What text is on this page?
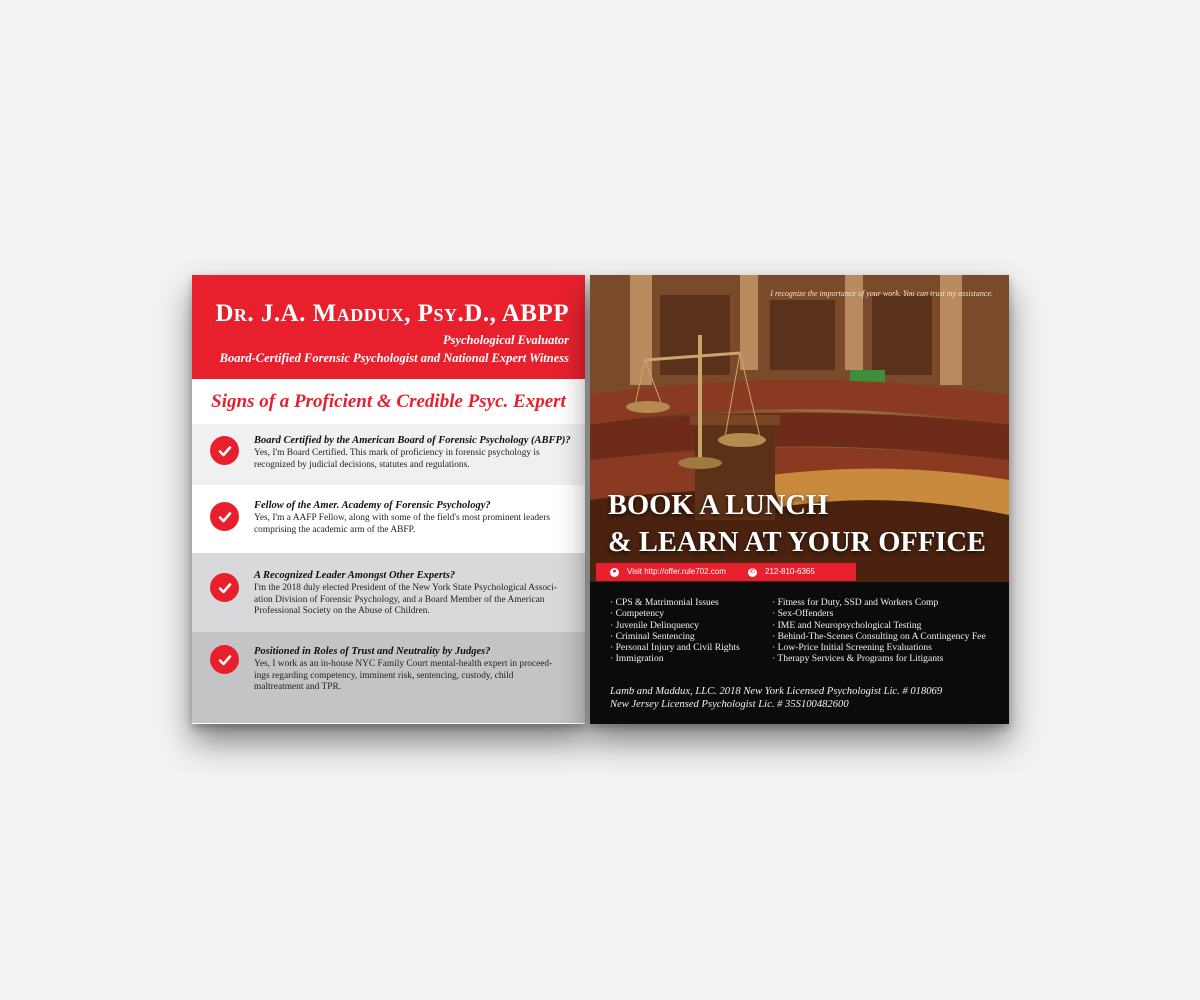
Dr. J.A. Maddux, Psy.D., ABPP
Psychological Evaluator
Board-Certified Forensic Psychologist and National Expert Witness
Signs of a Proficient & Credible Psyc. Expert
Board Certified by the American Board of Forensic Psychology (ABFP)?
Yes, I'm Board Certified. This mark of proficiency in forensic psychology is
recognized by judicial decisions, statutes and regulations.
Fellow of the Amer. Academy of Forensic Psychology?
Yes, I'm a AAFP Fellow, along with some of the field's most prominent leaders
comprising the academic arm of the ABFP.
A Recognized Leader Amongst Other Experts?
I'm the 2018 duly elected President of the New York State Psychological Associ-
ation Division of Forensic Psychology, and a Board Member of the American
Professional Society on the Abuse of Children.
Positioned in Roles of Trust and Neutrality by Judges?
Yes, I work as an in-house NYC Family Court mental-health expert in proceed-
ings regarding competency, imminent risk, sentencing, custody, child
maltreatment and TPR.
I recognize the importance of your work. You can trust my assistance.
BOOK A LUNCH
& LEARN AT YOUR OFFICE
● Visit http://offer.rule702.com	✆ 212-810-6365
· CPS & Matrimonial Issues
· Competency
· Juvenile Delinquency
· Criminal Sentencing
· Personal Injury and Civil Rights
· Immigration
· Fitness for Duty, SSD and Workers Comp
· Sex-Offenders
· IME and Neuropsychological Testing
· Behind-The-Scenes Consulting on A Contingency Fee
· Low-Price Initial Screening Evaluations
· Therapy Services & Programs for Litigants
Lamb and Maddux, LLC. 2018 New York Licensed Psychologist Lic. # 018069
New Jersey Licensed Psychologist Lic. # 35S100482600
